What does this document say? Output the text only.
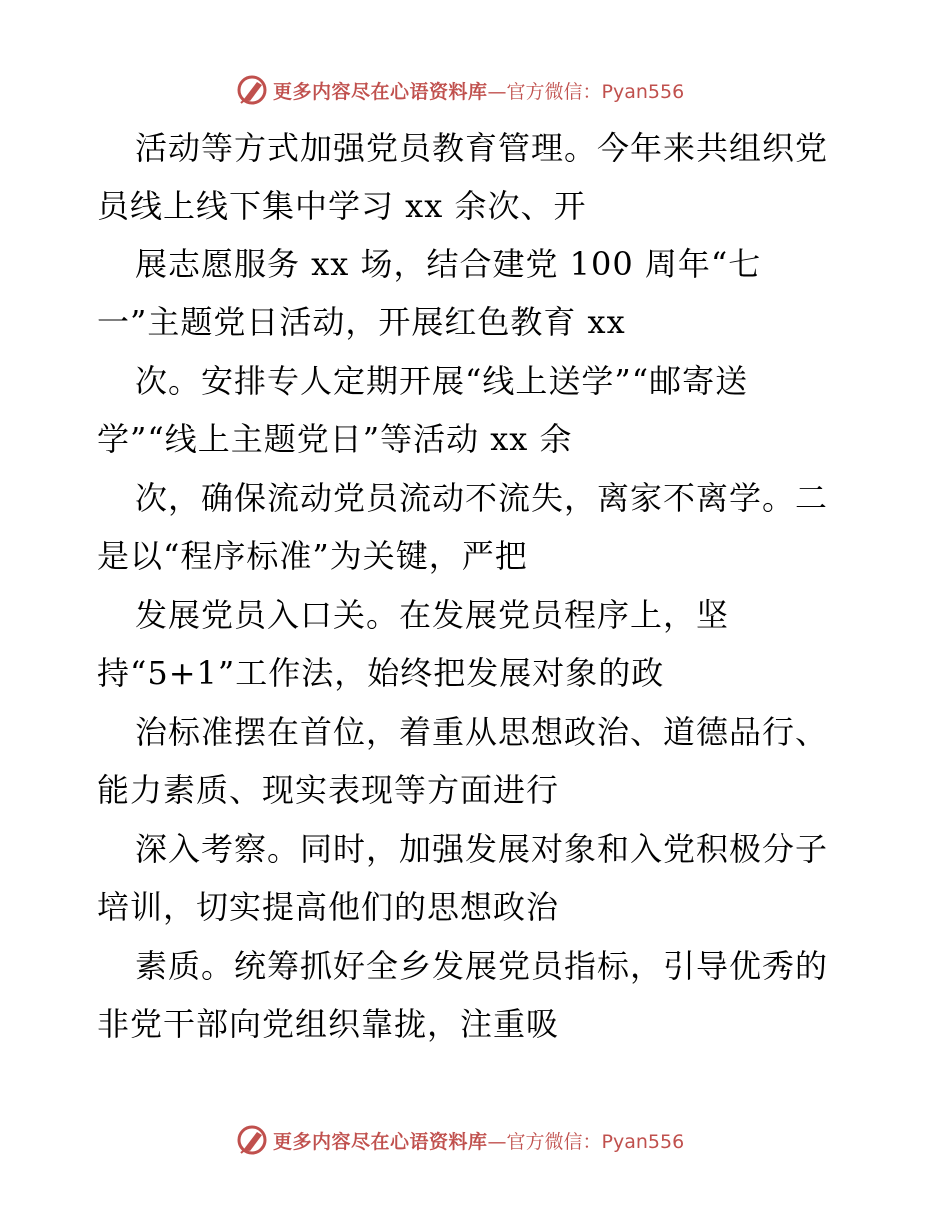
更多内容尽在心语资料库 —官方微信：Pyan556
活动等方式加强党员教育管理。今年来共组织党
员线上线下集中学习 xx 余次、开
展志愿服务 xx 场，结合建党 100 周年“七
一”主题党日活动，开展红色教育 xx
次。安排专人定期开展“线上送学”“邮寄送
学”“线上主题党日”等活动 xx 余
次，确保流动党员流动不流失，离家不离学。二
是以“程序标准”为关键，严把
发展党员入口关。在发展党员程序上，坚
持“5+1”工作法，始终把发展对象的政
治标准摆在首位，着重从思想政治、道德品行、
能力素质、现实表现等方面进行
深入考察。同时，加强发展对象和入党积极分子
培训，切实提高他们的思想政治
素质。统筹抓好全乡发展党员指标，引导优秀的
非党干部向党组织靠拢，注重吸
更多内容尽在心语资料库 —官方微信：Pyan556
